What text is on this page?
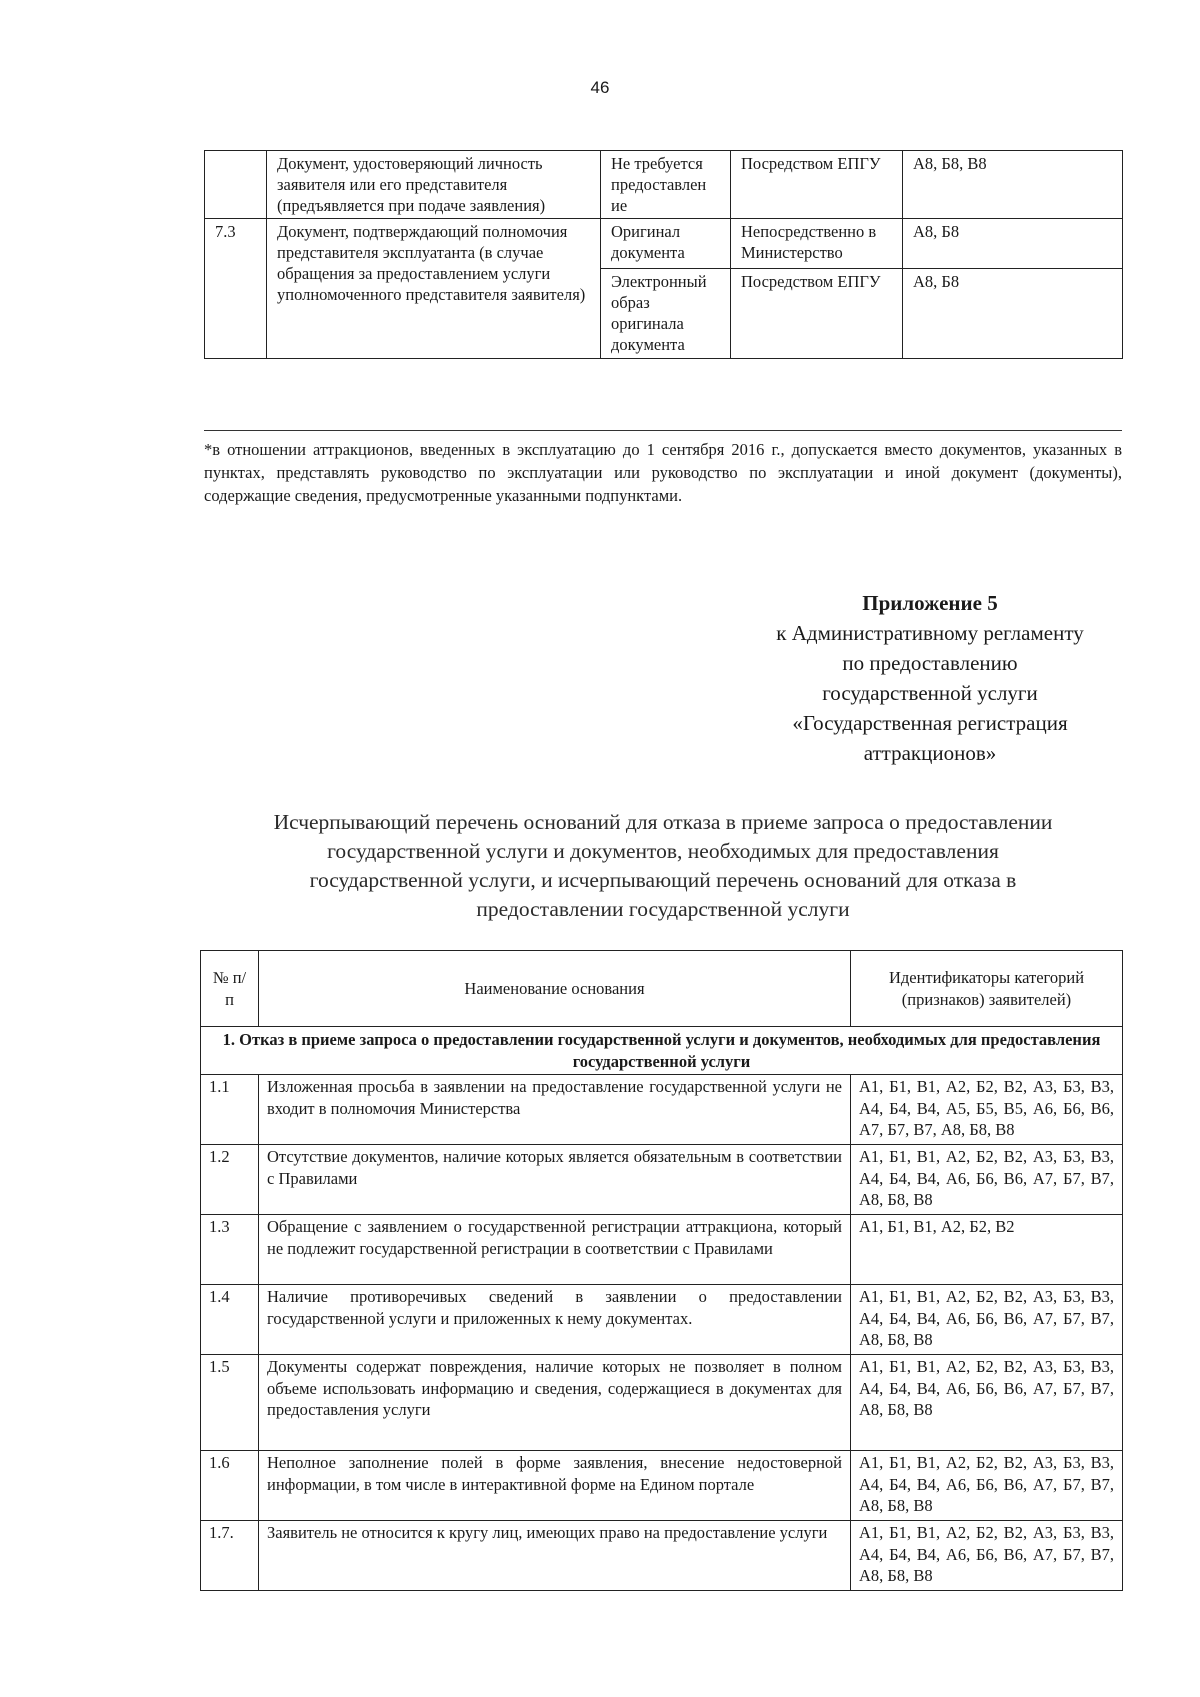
46
	Документ, удостоверяющий личность заявителя или его представителя (предъявляется при подаче заявления)	Не требуется предоставлен ие	Посредством ЕПГУ	А8, Б8, В8
7.3	Документ, подтверждающий полномочия представителя эксплуатанта (в случае обращения за предоставлением услуги уполномоченного представителя заявителя)	Оригинал документа	Непосредственно в Министерство	А8, Б8
		Электронный образ оригинала документа	Посредством ЕПГУ	А8, Б8
*в отношении аттракционов, введенных в эксплуатацию до 1 сентября 2016 г., допускается вместо документов, указанных в пунктах, представлять руководство по эксплуатации или руководство по эксплуатации и иной документ (документы), содержащие сведения, предусмотренные указанными подпунктами.
Приложение 5
к Административному регламенту
по предоставлению
государственной услуги
«Государственная регистрация
аттракционов»
Исчерпывающий перечень оснований для отказа в приеме запроса о предоставлении
государственной услуги и документов, необходимых для предоставления
государственной услуги, и исчерпывающий перечень оснований для отказа в
предоставлении государственной услуги
№ п/п	Наименование основания	Идентификаторы категорий (признаков) заявителей)
1. Отказ в приеме запроса о предоставлении государственной услуги и документов, необходимых для предоставления государственной услуги		
1.1	Изложенная просьба в заявлении на предоставление государственной услуги не входит в полномочия Министерства	А1, Б1, В1, А2, Б2, В2, А3, Б3, В3, А4, Б4, В4, А5, Б5, В5, А6, Б6, В6, А7, Б7, В7, А8, Б8, В8
1.2	Отсутствие документов, наличие которых является обязательным в соответствии с Правилами	А1, Б1, В1, А2, Б2, В2, А3, Б3, В3, А4, Б4, В4, А6, Б6, В6, А7, Б7, В7, А8, Б8, В8
1.3	Обращение с заявлением о государственной регистрации аттракциона, который не подлежит государственной регистрации в соответствии с Правилами	А1, Б1, В1, А2, Б2, В2
1.4	Наличие противоречивых сведений в заявлении о предоставлении государственной услуги и приложенных к нему документах.	А1, Б1, В1, А2, Б2, В2, А3, Б3, В3, А4, Б4, В4, А6, Б6, В6, А7, Б7, В7, А8, Б8, В8
1.5	Документы содержат повреждения, наличие которых не позволяет в полном объеме использовать информацию и сведения, содержащиеся в документах для предоставления услуги	А1, Б1, В1, А2, Б2, В2, А3, Б3, В3, А4, Б4, В4, А6, Б6, В6, А7, Б7, В7, А8, Б8, В8
1.6	Неполное заполнение полей в форме заявления, внесение недостоверной информации, в том числе в интерактивной форме на Едином портале	А1, Б1, В1, А2, Б2, В2, А3, Б3, В3, А4, Б4, В4, А6, Б6, В6, А7, Б7, В7, А8, Б8, В8
1.7.	Заявитель не относится к кругу лиц, имеющих право на предоставление услуги	А1, Б1, В1, А2, Б2, В2, А3, Б3, В3, А4, Б4, В4, А6, Б6, В6, А7, Б7, В7, А8, Б8, В8
